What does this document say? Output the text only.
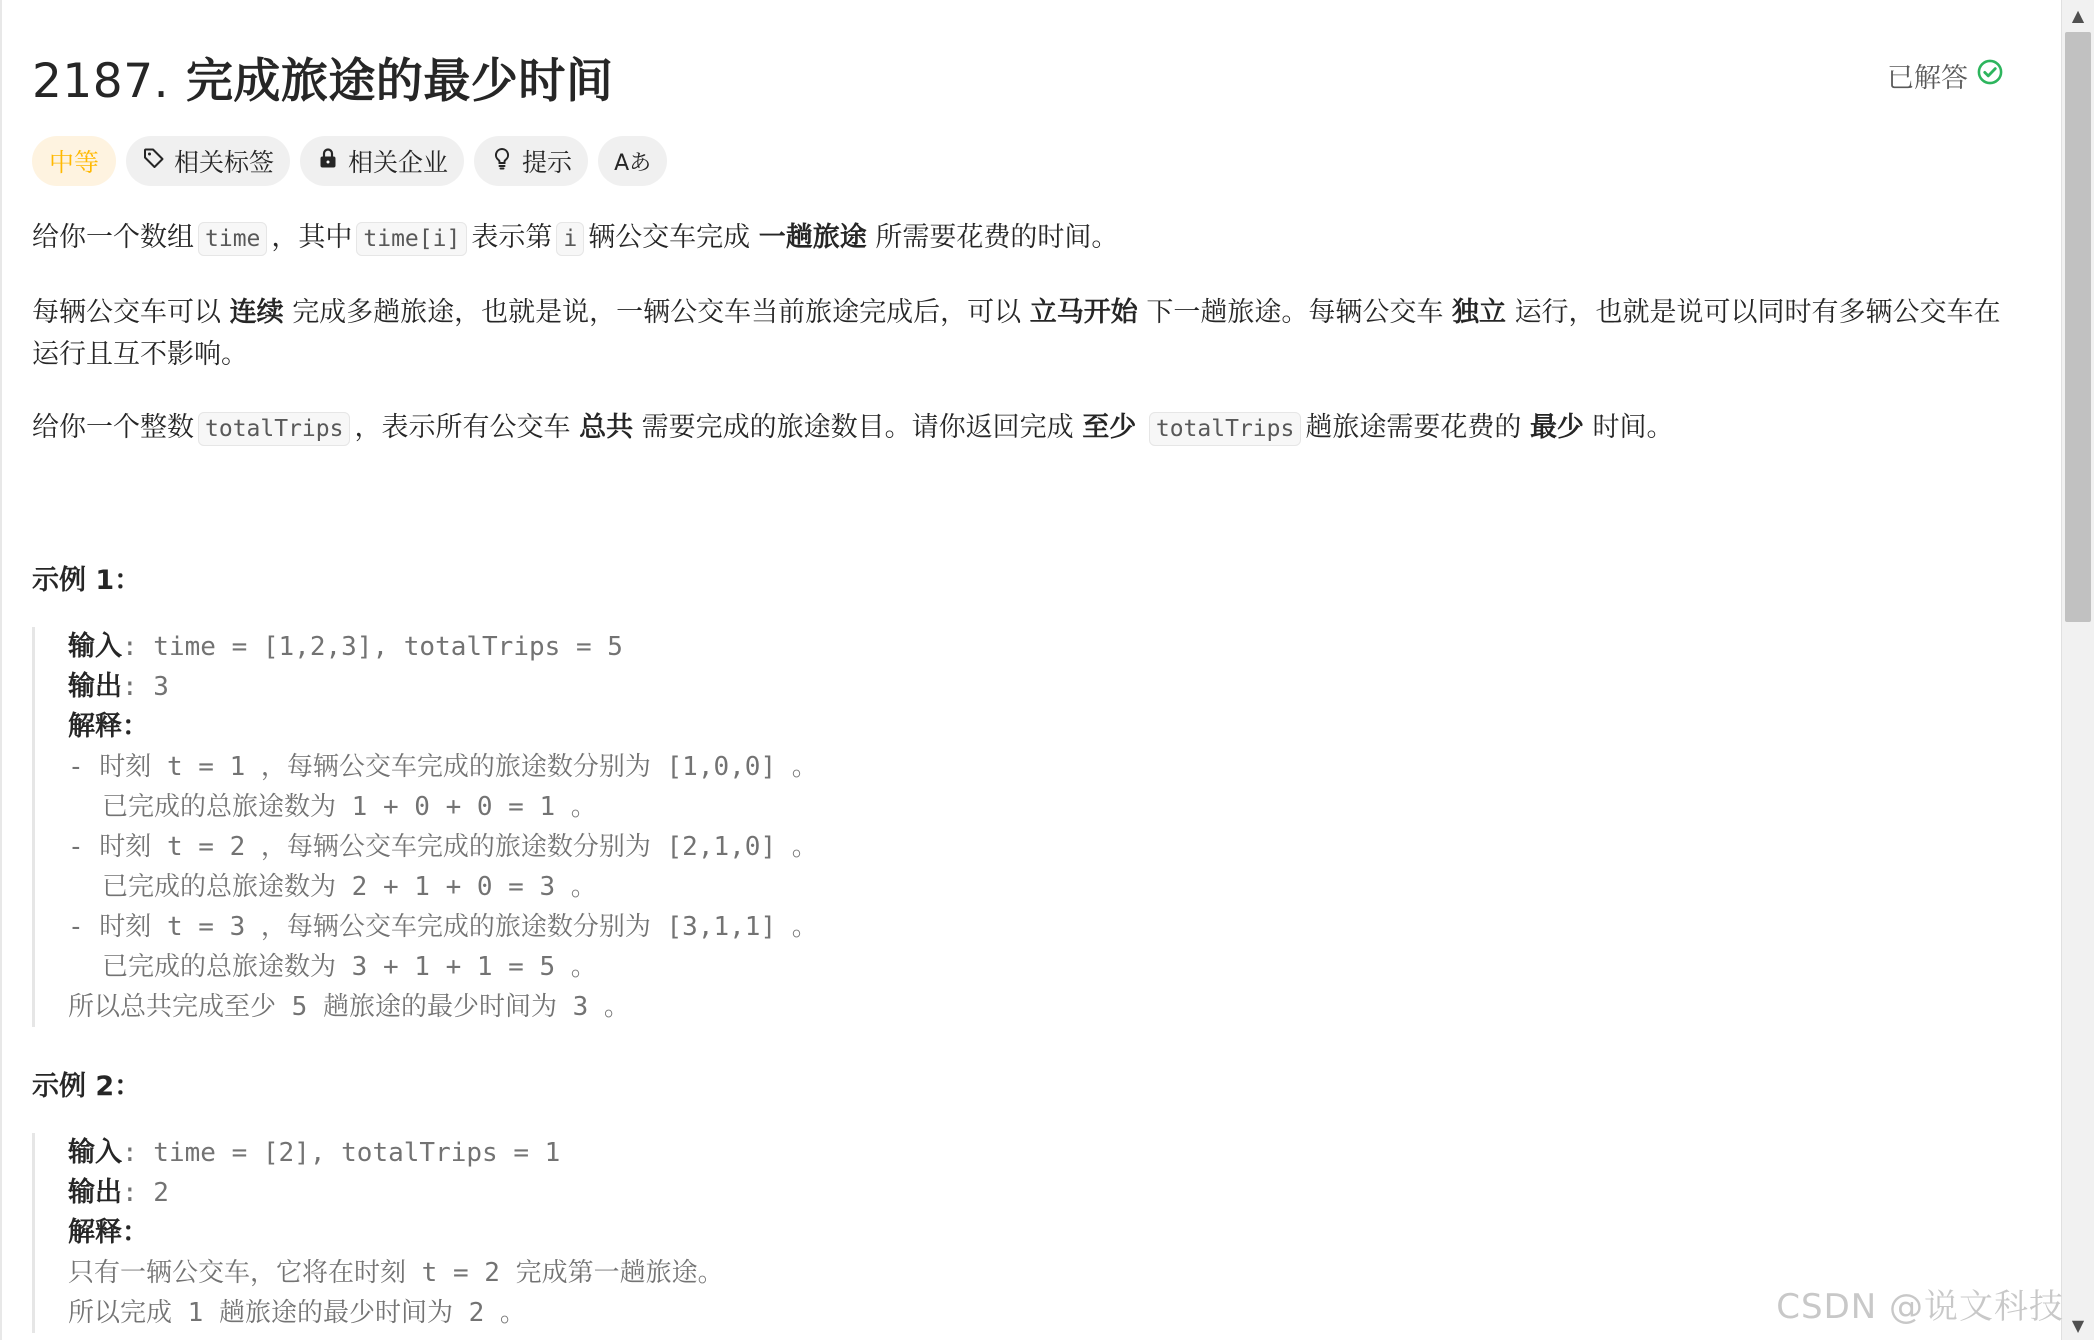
2187. 完成旅途的最少时间	已解答
中等	相关标签	相关企业	提示 Aあ
给你一个数组 time ，其中 time[i] 表示第 i 辆公交车完成 一趟旅途 所需要花费的时间。
每辆公交车可以 连续 完成多趟旅途，也就是说，一辆公交车当前旅途完成后，可以 立马开始 下一趟旅途。每辆公交车 独立 运行，也就是说可以同时有多辆公交车在运行且互不影响。
给你一个整数 totalTrips ，表示所有公交车 总共 需要完成的旅途数目。请你返回完成 至少 totalTrips 趟旅途需要花费的 最少 时间。
示例 1：
输入: time = [1,2,3], totalTrips = 5
输出: 3
解释：
- 时刻 t = 1 ，每辆公交车完成的旅途数分别为 [1,0,0] 。
已完成的总旅途数为 1 + 0 + 0 = 1 。
- 时刻 t = 2 ，每辆公交车完成的旅途数分别为 [2,1,0] 。
已完成的总旅途数为 2 + 1 + 0 = 3 。
- 时刻 t = 3 ，每辆公交车完成的旅途数分别为 [3,1,1] 。
已完成的总旅途数为 3 + 1 + 1 = 5 。
所以总共完成至少 5 趟旅途的最少时间为 3 。
示例 2：
输入: time = [2], totalTrips = 1
输出: 2
解释：
只有一辆公交车，它将在时刻 t = 2 完成第一趟旅途。
所以完成 1 趟旅途的最少时间为 2 。
▲
▼
CSDN @说文科技
